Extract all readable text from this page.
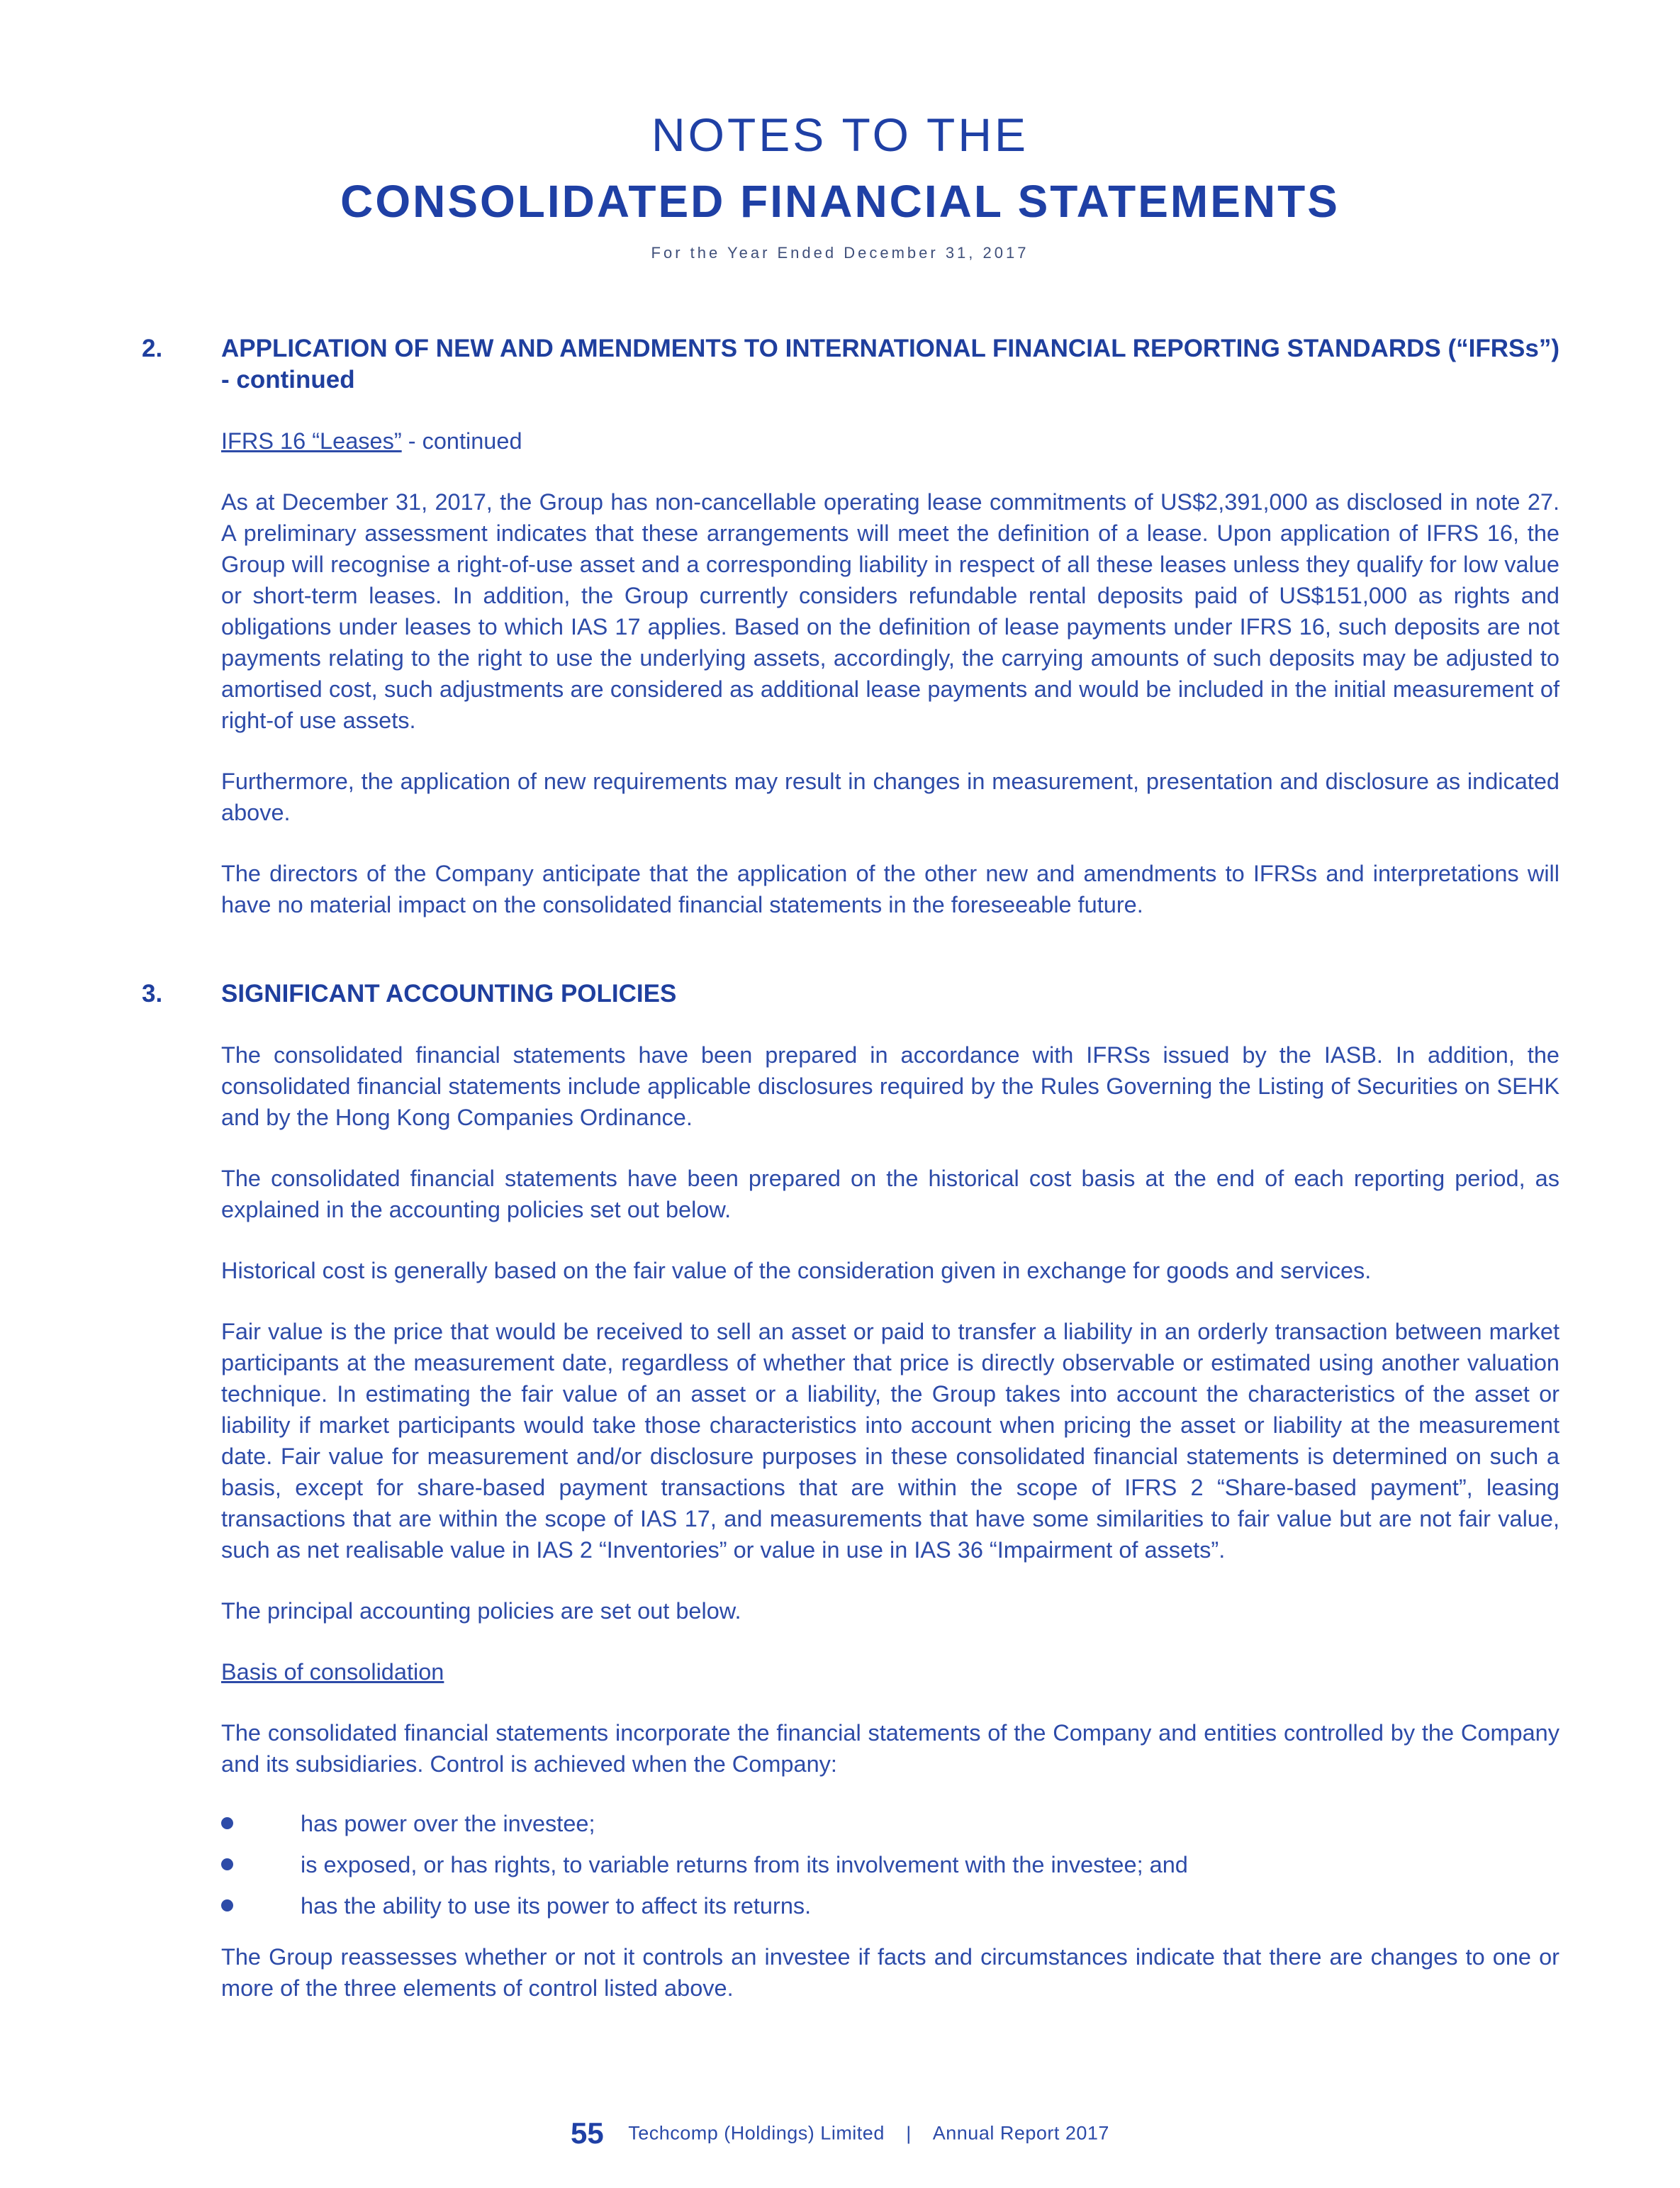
NOTES TO THE
CONSOLIDATED FINANCIAL STATEMENTS
For the Year Ended December 31, 2017
2. APPLICATION OF NEW AND AMENDMENTS TO INTERNATIONAL FINANCIAL REPORTING STANDARDS (“IFRSs”) - continued
IFRS 16 “Leases” - continued

As at December 31, 2017, the Group has non-cancellable operating lease commitments of US$2,391,000 as disclosed in note 27. A preliminary assessment indicates that these arrangements will meet the definition of a lease. Upon application of IFRS 16, the Group will recognise a right-of-use asset and a corresponding liability in respect of all these leases unless they qualify for low value or short-term leases. In addition, the Group currently considers refundable rental deposits paid of US$151,000 as rights and obligations under leases to which IAS 17 applies. Based on the definition of lease payments under IFRS 16, such deposits are not payments relating to the right to use the underlying assets, accordingly, the carrying amounts of such deposits may be adjusted to amortised cost, such adjustments are considered as additional lease payments and would be included in the initial measurement of right-of use assets.

Furthermore, the application of new requirements may result in changes in measurement, presentation and disclosure as indicated above.

The directors of the Company anticipate that the application of the other new and amendments to IFRSs and interpretations will have no material impact on the consolidated financial statements in the foreseeable future.

3. SIGNIFICANT ACCOUNTING POLICIES

The consolidated financial statements have been prepared in accordance with IFRSs issued by the IASB. In addition, the consolidated financial statements include applicable disclosures required by the Rules Governing the Listing of Securities on SEHK and by the Hong Kong Companies Ordinance.

The consolidated financial statements have been prepared on the historical cost basis at the end of each reporting period, as explained in the accounting policies set out below.

Historical cost is generally based on the fair value of the consideration given in exchange for goods and services.

Fair value is the price that would be received to sell an asset or paid to transfer a liability in an orderly transaction between market participants at the measurement date, regardless of whether that price is directly observable or estimated using another valuation technique. In estimating the fair value of an asset or a liability, the Group takes into account the characteristics of the asset or liability if market participants would take those characteristics into account when pricing the asset or liability at the measurement date. Fair value for measurement and/or disclosure purposes in these consolidated financial statements is determined on such a basis, except for share-based payment transactions that are within the scope of IFRS 2 “Share-based payment”, leasing transactions that are within the scope of IAS 17, and measurements that have some similarities to fair value but are not fair value, such as net realisable value in IAS 2 “Inventories” or value in use in IAS 36 “Impairment of assets”.

The principal accounting policies are set out below.

Basis of consolidation

The consolidated financial statements incorporate the financial statements of the Company and entities controlled by the Company and its subsidiaries. Control is achieved when the Company:

has power over the investee;
is exposed, or has rights, to variable returns from its involvement with the investee; and
has the ability to use its power to affect its returns.

The Group reassesses whether or not it controls an investee if facts and circumstances indicate that there are changes to one or more of the three elements of control listed above.

55 Techcomp (Holdings) Limited | Annual Report 2017
